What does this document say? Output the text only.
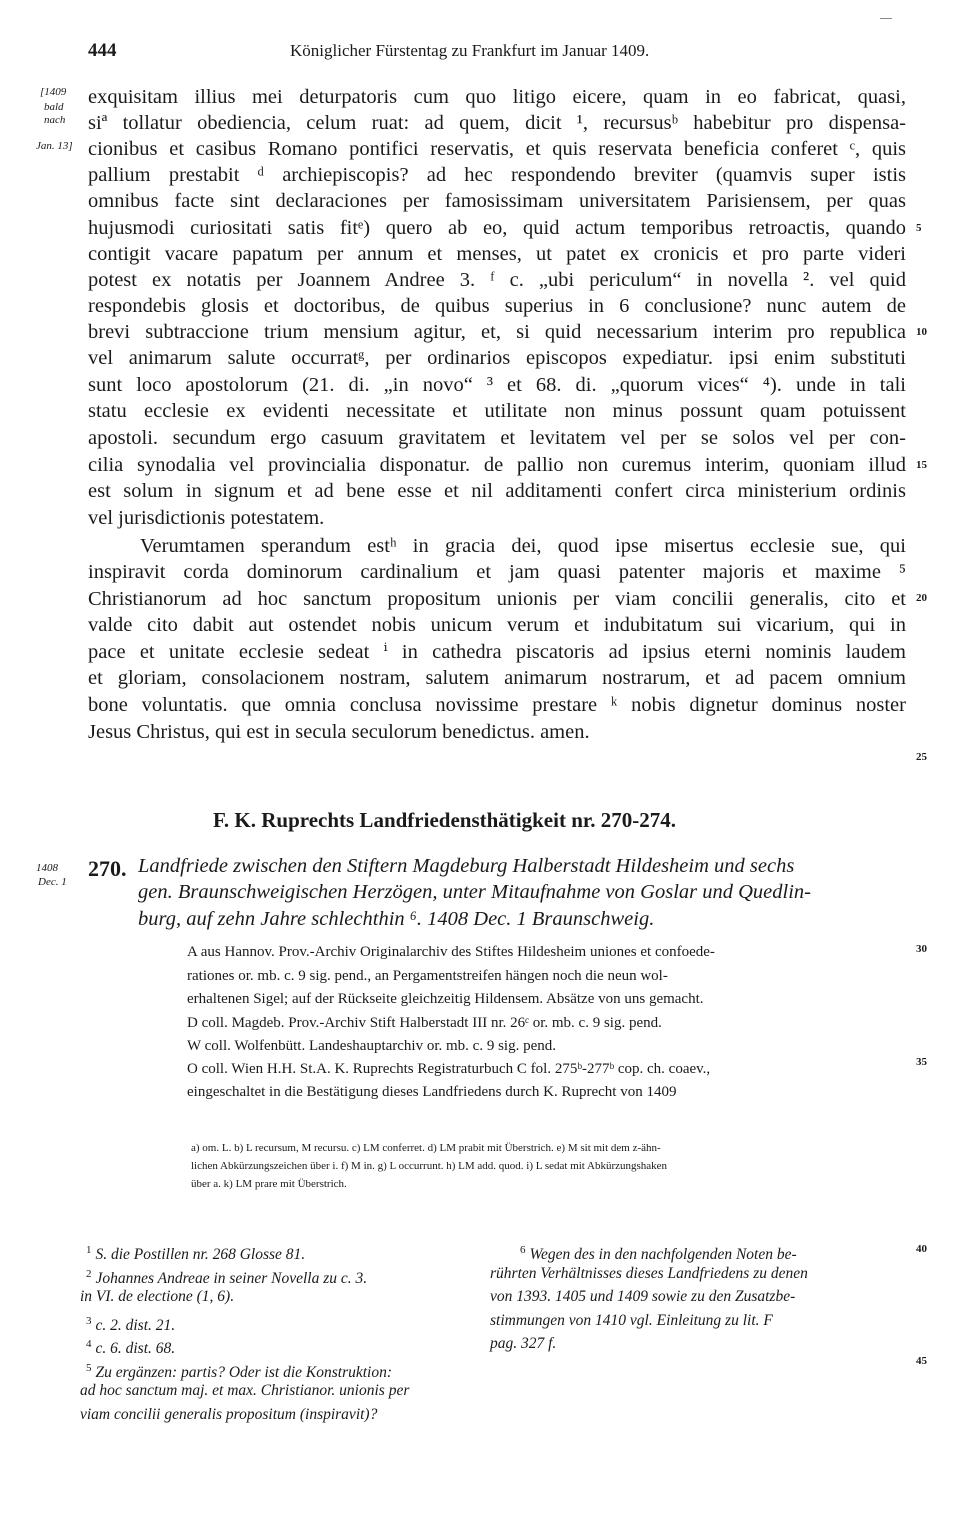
444	Königlicher Fürstentag zu Frankfurt im Januar 1409.
[1409
bald
nach
Jan. 13]
5
10
15
20
25
30
35
40
45
exquisitam illius mei deturpatoris cum quo litigo eicere, quam in eo fabricat, quasi,
siª tollatur obediencia, celum ruat: ad quem, dicit ¹, recursusᵇ habebitur pro dispensa-
cionibus et casibus Romano pontifici reservatis, et quis reservata beneficia conferet ᶜ, quis
pallium prestabit ᵈ archiepiscopis? ad hec respondendo breviter (quamvis super istis
omnibus facte sint declaraciones per famosissimam universitatem Parisiensem, per quas
hujusmodi curiositati satis fitᵉ) quero ab eo, quid actum temporibus retroactis, quando
contigit vacare papatum per annum et menses, ut patet ex cronicis et pro parte videri
potest ex notatis per Joannem Andree 3. ᶠ c. „ubi periculum“ in novella ². vel quid
respondebis glosis et doctoribus, de quibus superius in 6 conclusione? nunc autem de
brevi subtraccione trium mensium agitur, et, si quid necessarium interim pro republica
vel animarum salute occurratᵍ, per ordinarios episcopos expediatur. ipsi enim substituti
sunt loco apostolorum (21. di. „in novo“ ³ et 68. di. „quorum vices“ ⁴). unde in tali
statu ecclesie ex evidenti necessitate et utilitate non minus possunt quam potuissent
apostoli. secundum ergo casuum gravitatem et levitatem vel per se solos vel per con-
cilia synodalia vel provincialia disponatur. de pallio non curemus interim, quoniam illud
est solum in signum et ad bene esse et nil additamenti confert circa ministerium ordinis
vel jurisdictionis potestatem.
Verumtamen sperandum estʰ in gracia dei, quod ipse misertus ecclesie sue, qui
inspiravit corda dominorum cardinalium et jam quasi patenter majoris et maxime ⁵
Christianorum ad hoc sanctum propositum unionis per viam concilii generalis, cito et
valde cito dabit aut ostendet nobis unicum verum et indubitatum sui vicarium, qui in
pace et unitate ecclesie sedeat ⁱ in cathedra piscatoris ad ipsius eterni nominis laudem
et gloriam, consolacionem nostram, salutem animarum nostrarum, et ad pacem omnium
bone voluntatis. que omnia conclusa novissime prestare ᵏ nobis dignetur dominus noster
Jesus Christus, qui est in secula seculorum benedictus. amen.
F. K. Ruprechts Landfriedensthätigkeit nr. 270-274.
1408
Dec. 1
270. Landfriede zwischen den Stiftern Magdeburg Halberstadt Hildesheim und sechs
gen. Braunschweigischen Herzögen, unter Mitaufnahme von Goslar und Quedlin-
burg, auf zehn Jahre schlechthin ⁶. 1408 Dec. 1 Braunschweig.
A aus Hannov. Prov.-Archiv Originalarchiv des Stiftes Hildesheim uniones et confoede-
rationes or. mb. c. 9 sig. pend., an Pergamentstreifen hängen noch die neun wol-
erhaltenen Sigel; auf der Rückseite gleichzeitig Hildensem. Absätze von uns gemacht.
D coll. Magdeb. Prov.-Archiv Stift Halberstadt III nr. 26ᶜ or. mb. c. 9 sig. pend.
W coll. Wolfenbütt. Landeshauptarchiv or. mb. c. 9 sig. pend.
O coll. Wien H.H. St.A. K. Ruprechts Registraturbuch C fol. 275ᵇ-277ᵇ cop. ch. coaev.,
eingeschaltet in die Bestätigung dieses Landfriedens durch K. Ruprecht von 1409
a) om. L. b) L recursum, M recursu. c) LM conferret. d) LM prabit mit Überstrich. e) M sit mit dem z-ähn-
lichen Abkürzungszeichen über i. f) M in. g) L occurrunt. h) LM add. quod. i) L sedat mit Abkürzungshaken
über a. k) LM prare mit Überstrich.
$^1$ S. die Postillen nr. 268 Glosse 81.
$^2$ Johannes Andreae in seiner Novella zu c. 3.
in VI. de electione (1, 6).
$^3$ c. 2. dist. 21.
$^4$ c. 6. dist. 68.
$^5$ Zu ergänzen: partis? Oder ist die Konstruktion:
ad hoc sanctum maj. et max. Christianor. unionis per
viam concilii generalis propositum (inspiravit)?
$^6$ Wegen des in den nachfolgenden Noten be-
rührten Verhältnisses dieses Landfriedens zu denen
von 1393. 1405 und 1409 sowie zu den Zusatzbe-
stimmungen von 1410 vgl. Einleitung zu lit. F
pag. 327 f.
